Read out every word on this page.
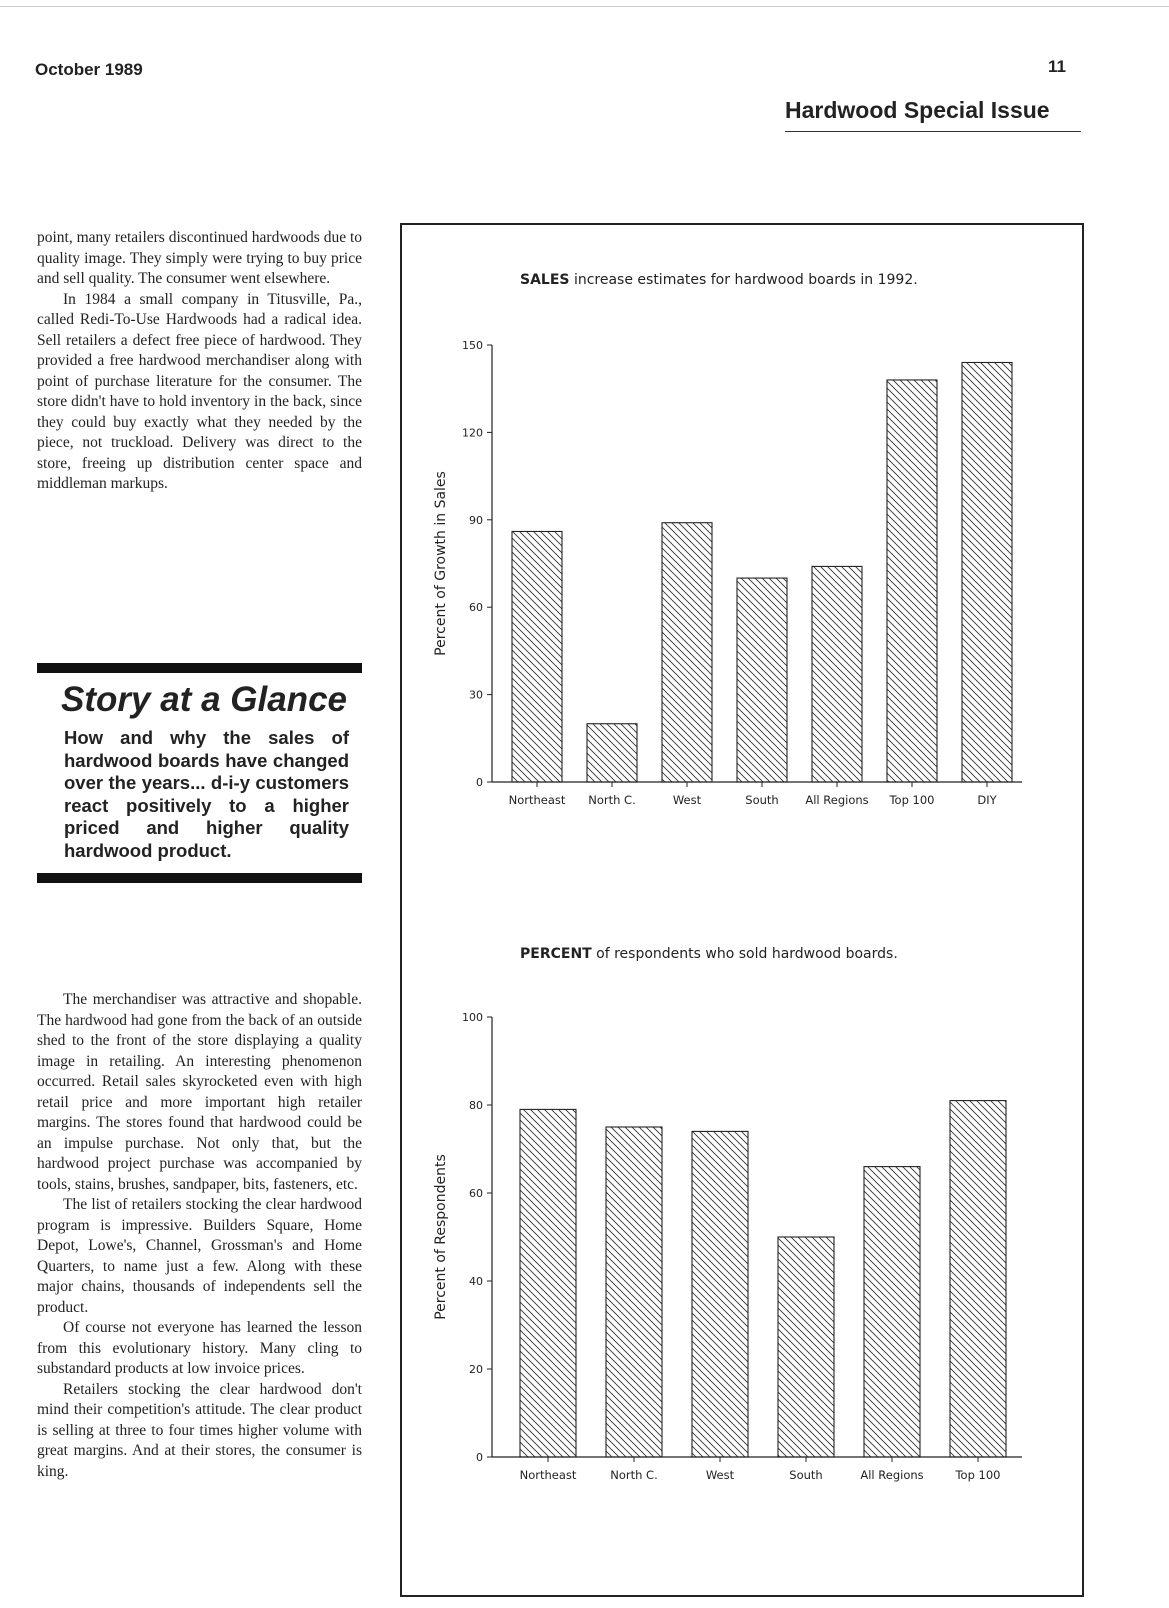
October 1989	11
Hardwood Special Issue

point, many retailers discontinued hardwoods due to quality image. They simply were trying to buy price and sell quality. The consumer went elsewhere.

In 1984 a small company in Titusville, Pa., called Redi-To-Use Hardwoods had a radical idea. Sell retailers a defect free piece of hardwood. They provided a free hardwood merchandiser along with point of purchase literature for the consumer. The store didn't have to hold inventory in the back, since they could buy exactly what they needed by the piece, not truckload. Delivery was direct to the store, freeing up distribution center space and middleman markups.

Story at a Glance
How and why the sales of hardwood boards have changed over the years... d-i-y customers react positively to a higher priced and higher quality hardwood product.

The merchandiser was attractive and shopable. The hardwood had gone from the back of an outside shed to the front of the store displaying a quality image in retailing. An interesting phenomenon occurred. Retail sales skyrocketed even with high retail price and more important high retailer margins. The stores found that hardwood could be an impulse purchase. Not only that, but the hardwood project purchase was accompanied by tools, stains, brushes, sandpaper, bits, fasteners, etc.

The list of retailers stocking the clear hardwood program is impressive. Builders Square, Home Depot, Lowe's, Channel, Grossman's and Home Quarters, to name just a few. Along with these major chains, thousands of independents sell the product.

Of course not everyone has learned the lesson from this evolutionary history. Many cling to substandard products at low invoice prices.

Retailers stocking the clear hardwood don't mind their competition's attitude. The clear product is selling at three to four times higher volume with great margins. And at their stores, the consumer is king.

SALES increase estimates for hardwood boards in 1992.
0
30
60
90
120
150
Percent of Growth in Sales
Northeast North C.	West	South All Regions Top 100	DIY
PERCENT of respondents who sold hardwood boards.
0
20
40
60
80
100
Percent of Respondents
Northeast	North C.	West	South	All Regions	Top 100
